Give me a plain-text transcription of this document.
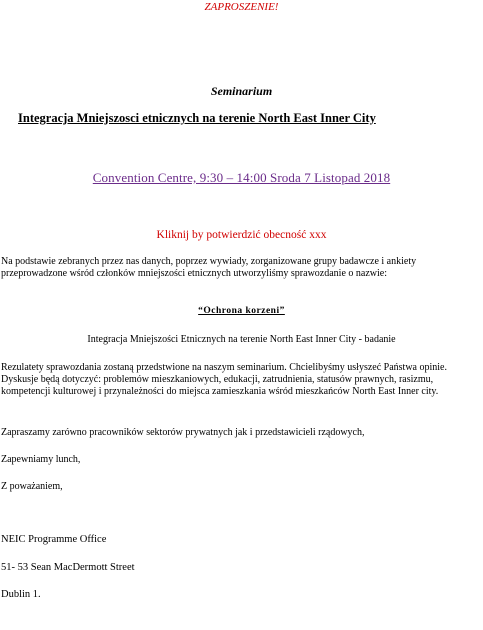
ZAPROSZENIE!
Seminarium
Integracja Mniejszosci etnicznych na terenie North East Inner City
Convention Centre, 9:30 – 14:00 Sroda 7 Listopad 2018
Kliknij by potwierdzić obecność xxx
Na podstawie zebranych przez nas danych, poprzez wywiady, zorganizowane grupy badawcze i ankiety przeprowadzone wśród członków mniejszości etnicznych utworzyliśmy sprawozdanie o nazwie:
“Ochrona korzeni”
Integracja Mniejszości Etnicznych na terenie North East Inner City - badanie
Rezulatety sprawozdania zostaną przedstwione na naszym seminarium. Chcielibyśmy usłyszeć Państwa opinie. Dyskusje będą dotyczyć: problemów mieszkaniowych, edukacji, zatrudnienia, statusów prawnych, rasizmu, kompetencji kulturowej i przynależności do miejsca zamieszkania wśród mieszkańców North East Inner city.
Zapraszamy zarówno pracowników sektorów prywatnych jak i przedstawicieli rządowych,
Zapewniamy lunch,
Z poważaniem,
NEIC Programme Office
51- 53 Sean MacDermott Street
Dublin 1.
